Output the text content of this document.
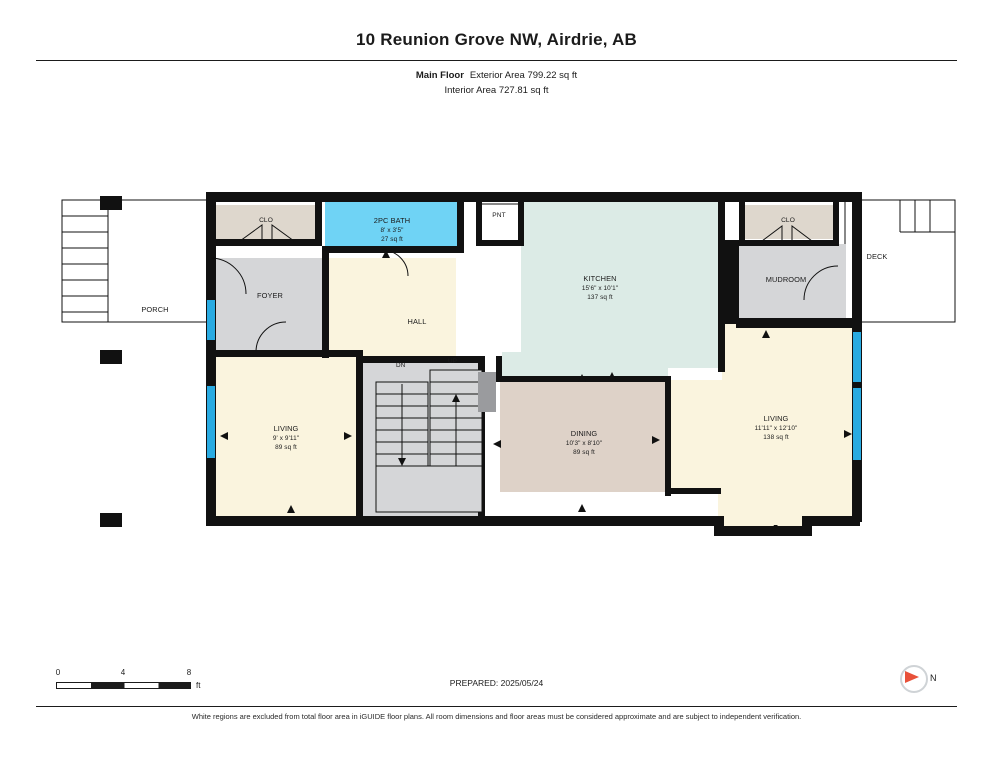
10 Reunion Grove NW, Airdrie, AB
Main Floor Exterior Area 799.22 sq ft
Interior Area 727.81 sq ft
PORCH
CLO	2PC BATH
8' x 3'5"
27 sq ft
PNT
KITCHEN
15'6" x 10'1"
137 sq ft
CLO
DECK
FOYER
HALL
MUDROOM
LIVING
9' x 9'11"
89 sq ft
DINING
10'3" x 8'10"
89 sq ft
LIVING
11'11" x 12'10"
138 sq ft
DN
UP
0	4	8
ft
N
PREPARED: 2025/05/24
White regions are excluded from total floor area in iGUIDE floor plans. All room dimensions and floor areas must be considered approximate and are subject to independent verification.
